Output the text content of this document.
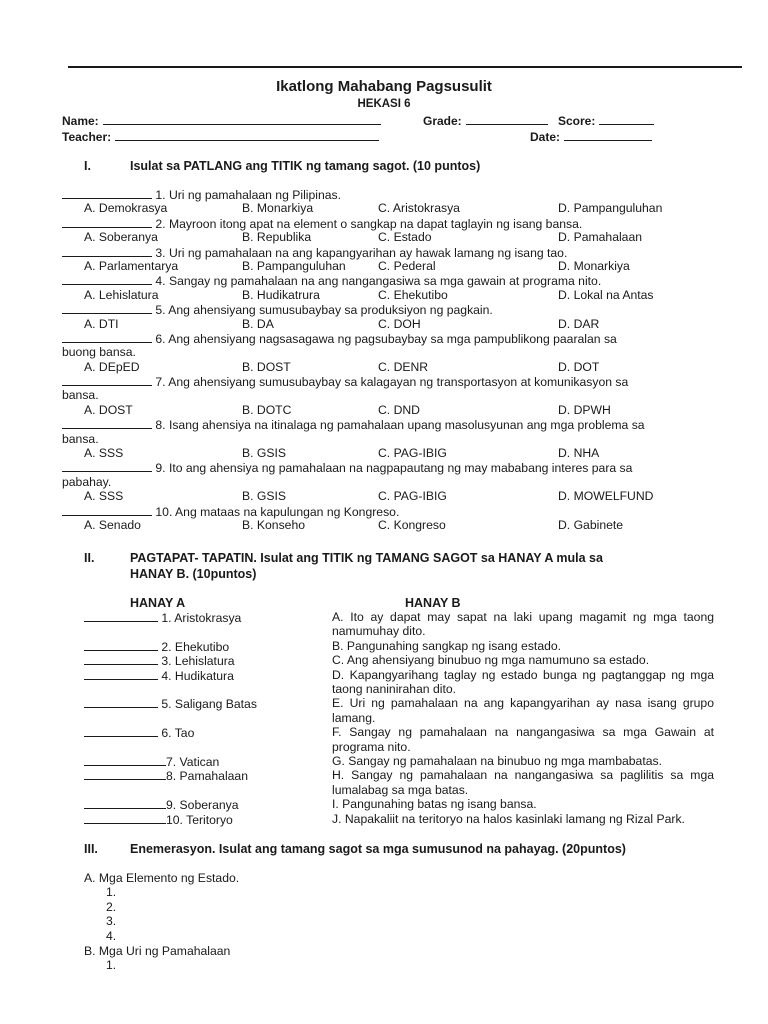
Ikatlong Mahabang Pagsusulit
HEKASI 6
Name:	Grade:	Score:
Teacher:	Date:
I.	Isulat sa PATLANG ang TITIK ng tamang sagot. (10 puntos)
1. Uri ng pamahalaan ng Pilipinas.
A. Demokrasya	B. Monarkiya	C. Aristokrasya	D. Pampanguluhan
2. Mayroon itong apat na element o sangkap na dapat taglayin ng isang bansa.
A. Soberanya	B. Republika	C. Estado	D. Pamahalaan
3. Uri ng pamahalaan na ang kapangyarihan ay hawak lamang ng isang tao.
A. Parlamentarya	B. Pampanguluhan	C. Pederal	D. Monarkiya
4. Sangay ng pamahalaan na ang nangangasiwa sa mga gawain at programa nito.
A. Lehislatura	B. Hudikatrura	C. Ehekutibo	D. Lokal na Antas
5. Ang ahensiyang sumusubaybay sa produksiyon ng pagkain.
A. DTI	B. DA	C. DOH	D. DAR
6. Ang ahensiyang nagsasagawa ng pagsubaybay sa mga pampublikong paaralan sa
buong bansa.
A. DEpED	B. DOST	C. DENR	D. DOT
7. Ang ahensiyang sumusubaybay sa kalagayan ng transportasyon at komunikasyon sa
bansa.
A. DOST	B. DOTC	C. DND	D. DPWH
8. Isang ahensiya na itinalaga ng pamahalaan upang masolusyunan ang mga problema sa
bansa.
A. SSS	B. GSIS	C. PAG-IBIG	D. NHA
9. Ito ang ahensiya ng pamahalaan na nagpapautang ng may mababang interes para sa
pabahay.
A. SSS	B. GSIS	C. PAG-IBIG	D. MOWELFUND
10. Ang mataas na kapulungan ng Kongreso.
A. Senado	B. Konseho	C. Kongreso	D. Gabinete
II.	PAGTAPAT- TAPATIN. Isulat ang TITIK ng TAMANG SAGOT sa HANAY A mula sa
HANAY B. (10puntos)
HANAY A	HANAY B
1. Aristokrasya	A. Ito ay dapat may sapat na laki upang magamit ng mga taong namumuhay dito.
2. Ehekutibo	B. Pangunahing sangkap ng isang estado.
3. Lehislatura	C. Ang ahensiyang binubuo ng mga namumuno sa estado.
4. Hudikatura	D. Kapangyarihang taglay ng estado bunga ng pagtanggap ng mga taong naninirahan dito.
5. Saligang Batas	E. Uri ng pamahalaan na ang kapangyarihan ay nasa isang grupo lamang.
6. Tao	F. Sangay ng pamahalaan na nangangasiwa sa mga Gawain at programa nito.
7. Vatican	G. Sangay ng pamahalaan na binubuo ng mga mambabatas.
8. Pamahalaan	H. Sangay ng pamahalaan na nangangasiwa sa paglilitis sa mga lumalabag sa mga batas.
9. Soberanya	I. Pangunahing batas ng isang bansa.
10. Teritoryo	J. Napakaliit na teritoryo na halos kasinlaki lamang ng Rizal Park.
III.	Enemerasyon. Isulat ang tamang sagot sa mga sumusunod na pahayag. (20puntos)
A. Mga Elemento ng Estado.
1.
2.
3.
4.
B. Mga Uri ng Pamahalaan
1.
